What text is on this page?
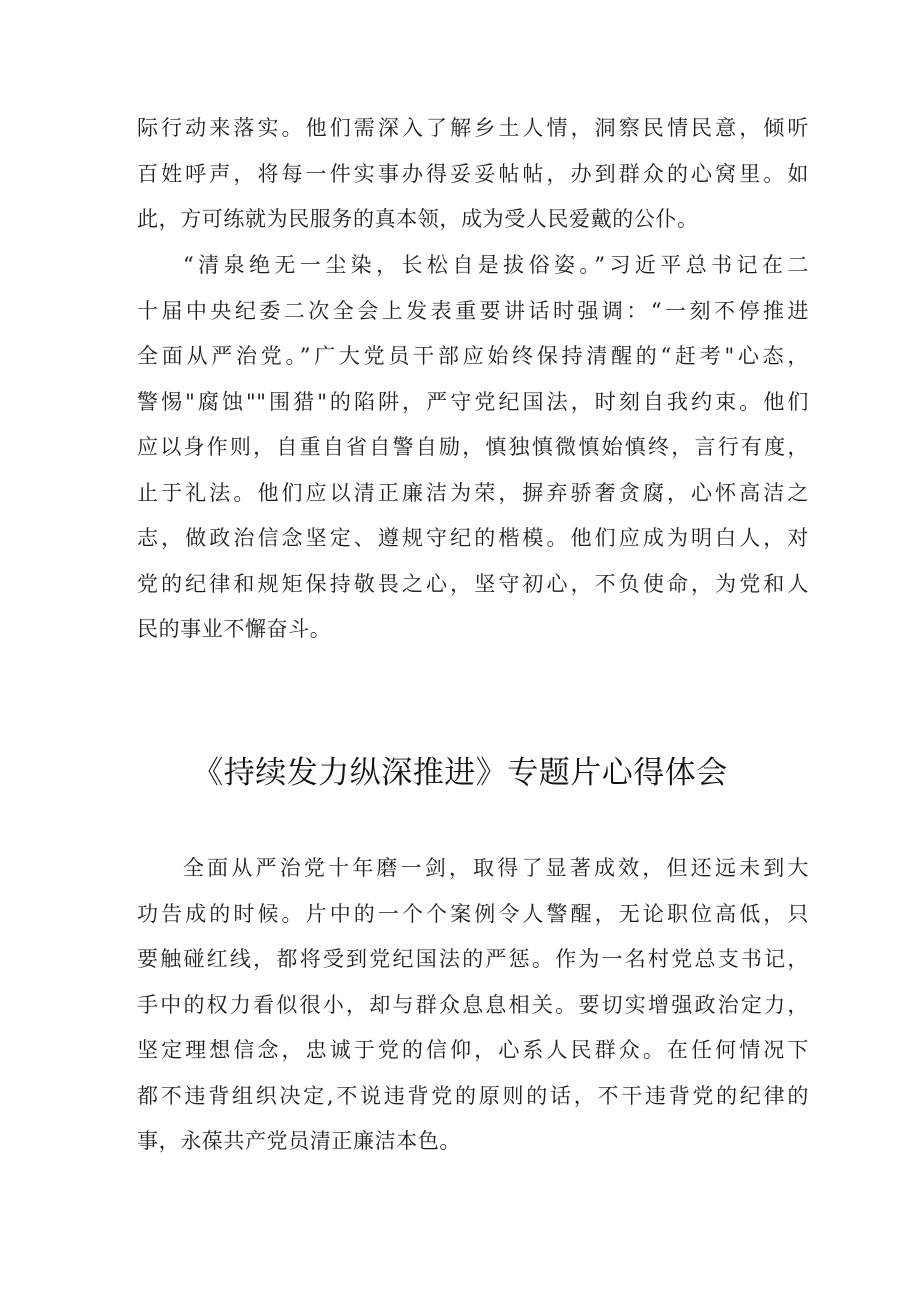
际行动来落实。他们需深入了解乡土人情，洞察民情民意，倾听
百姓呼声，将每一件实事办得妥妥帖帖，办到群众的心窝里。如
此，方可练就为民服务的真本领，成为受人民爱戴的公仆。
“清泉绝无一尘染，长松自是拔俗姿。”习近平总书记在二
十届中央纪委二次全会上发表重要讲话时强调：“一刻不停推进
全面从严治党。”广大党员干部应始终保持清醒的“赶考"心态，
警惕"腐蚀""围猎"的陷阱，严守党纪国法，时刻自我约束。他们
应以身作则，自重自省自警自励，慎独慎微慎始慎终，言行有度，
止于礼法。他们应以清正廉洁为荣，摒弃骄奢贪腐，心怀高洁之
志，做政治信念坚定、遵规守纪的楷模。他们应成为明白人，对
党的纪律和规矩保持敬畏之心，坚守初心，不负使命，为党和人
民的事业不懈奋斗。
《持续发力纵深推进》专题片心得体会
全面从严治党十年磨一剑，取得了显著成效，但还远未到大
功告成的时候。片中的一个个案例令人警醒，无论职位高低，只
要触碰红线，都将受到党纪国法的严惩。作为一名村党总支书记，
手中的权力看似很小，却与群众息息相关。要切实增强政治定力，
坚定理想信念，忠诚于党的信仰，心系人民群众。在任何情况下
都不违背组织决定,不说违背党的原则的话，不干违背党的纪律的
事，永葆共产党员清正廉洁本色。
